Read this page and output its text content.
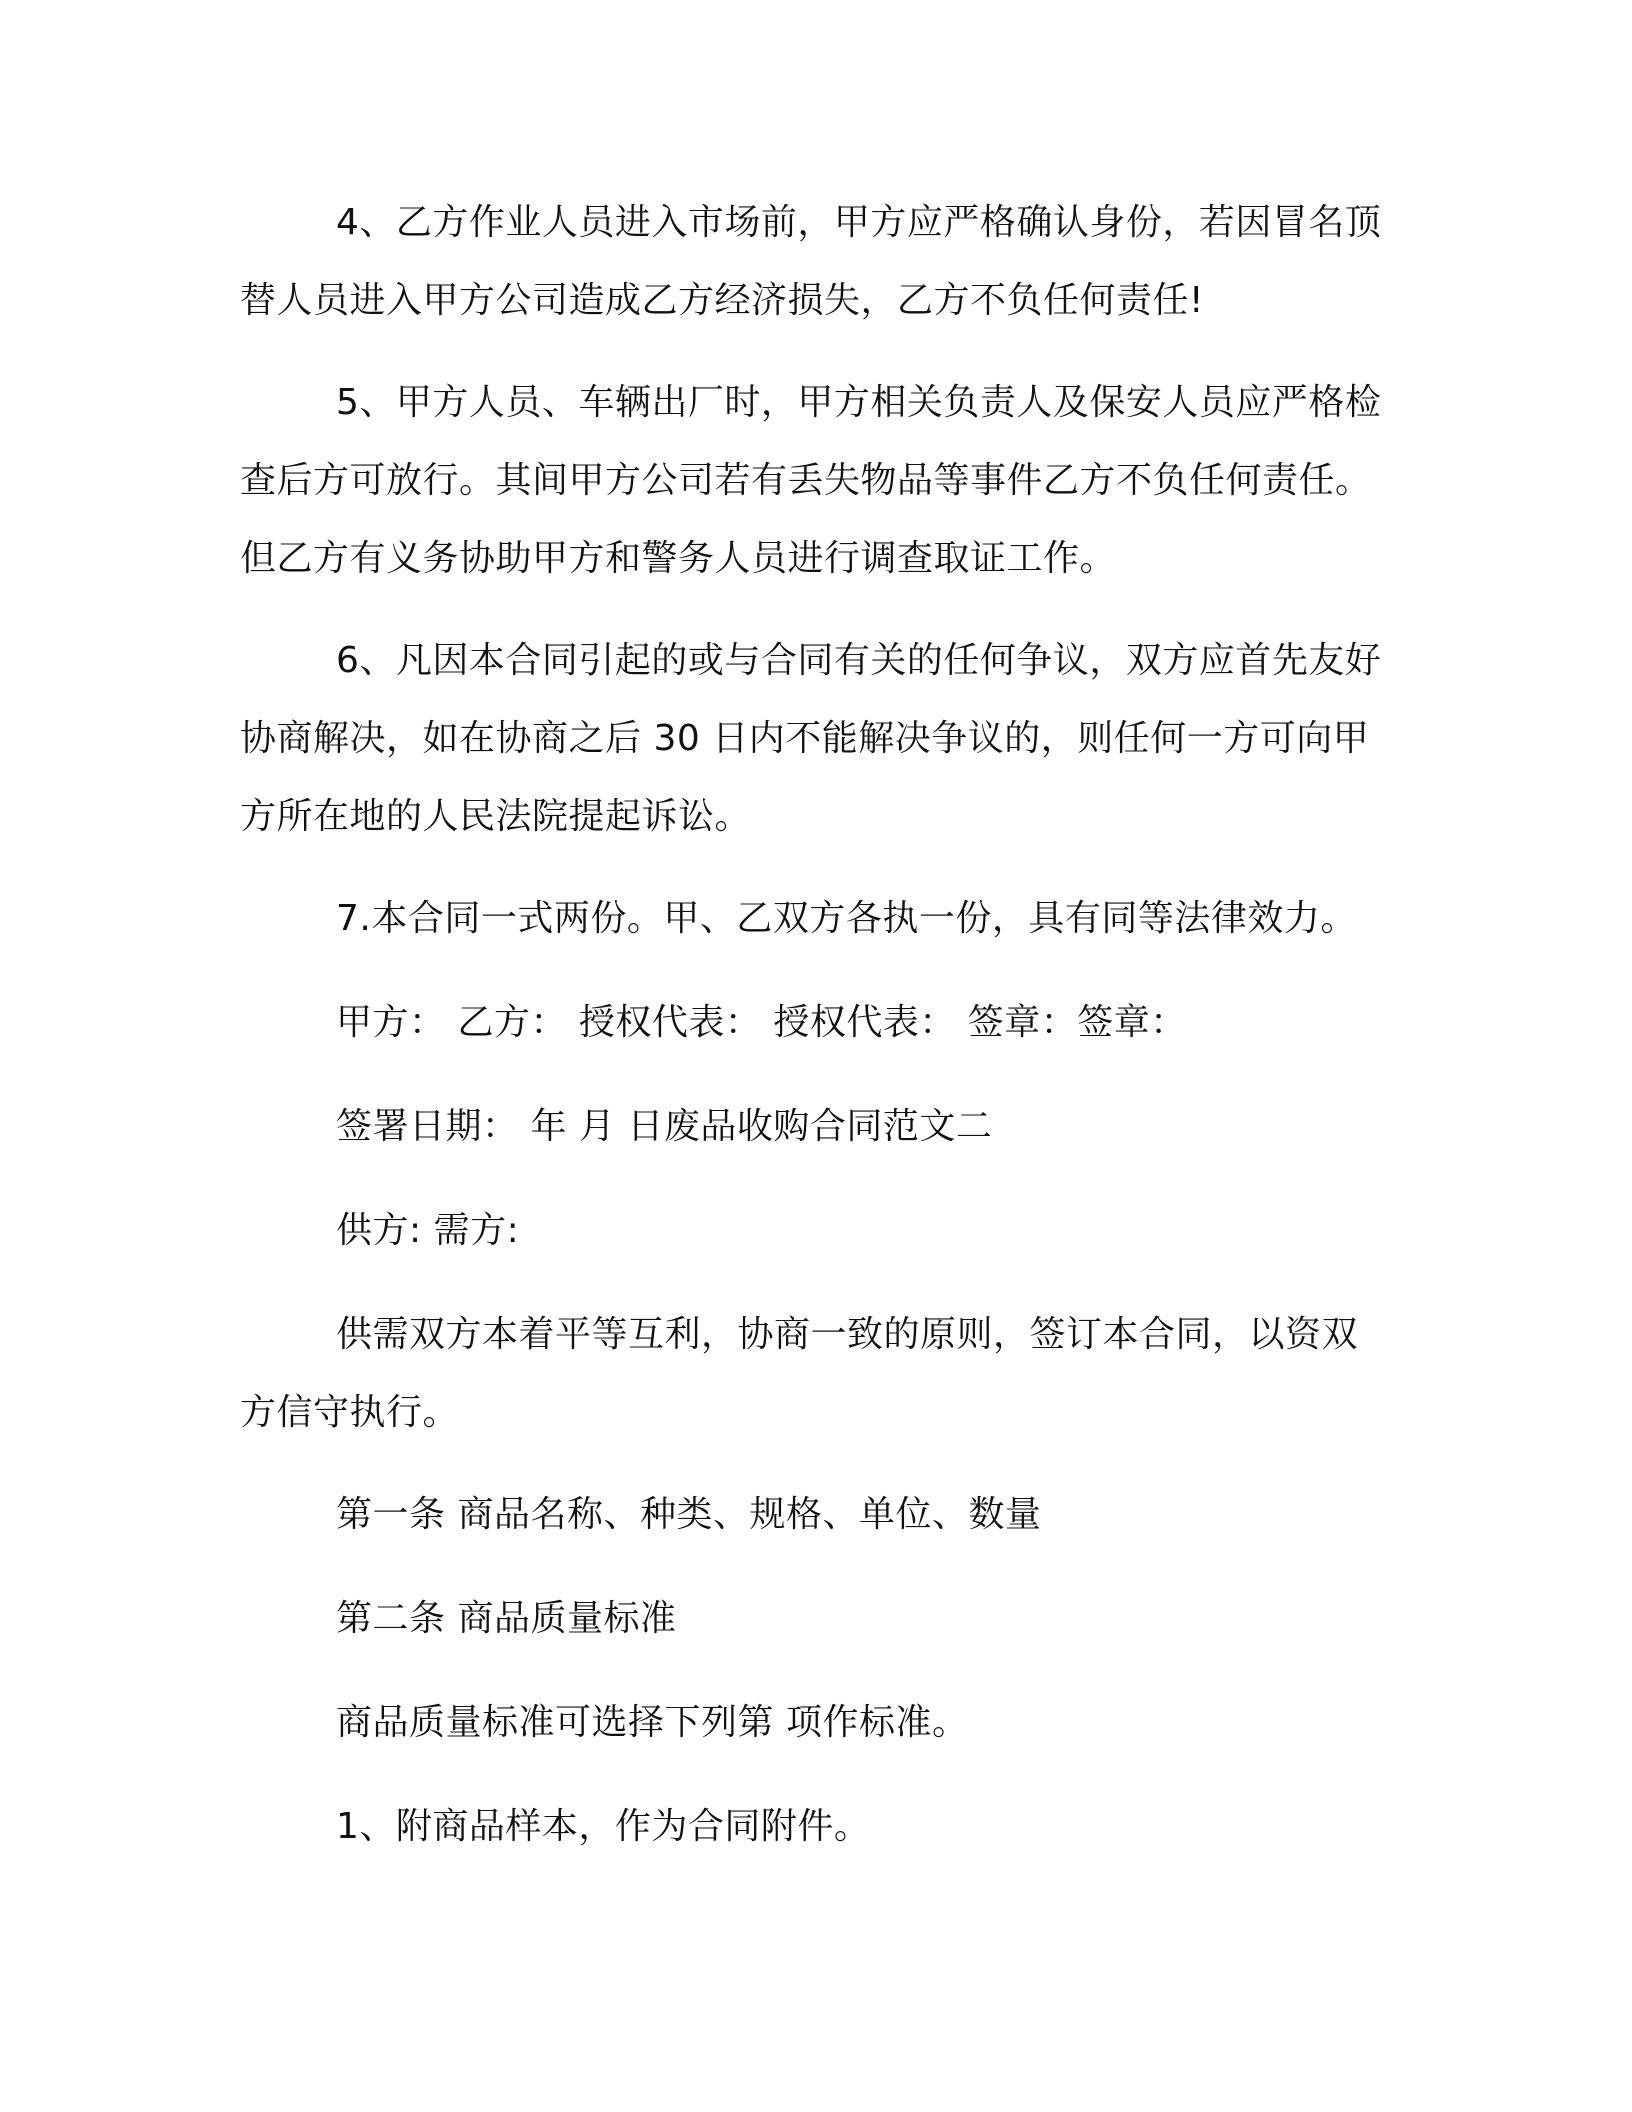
4、乙方作业人员进入市场前，甲方应严格确认身份，若因冒名顶替人员进入甲方公司造成乙方经济损失，乙方不负任何责任!

5、甲方人员、车辆出厂时，甲方相关负责人及保安人员应严格检查后方可放行。其间甲方公司若有丢失物品等事件乙方不负任何责任。但乙方有义务协助甲方和警务人员进行调查取证工作。

6、凡因本合同引起的或与合同有关的任何争议，双方应首先友好协商解决，如在协商之后 30 日内不能解决争议的，则任何一方可向甲方所在地的人民法院提起诉讼。

7.本合同一式两份。甲、乙双方各执一份，具有同等法律效力。

甲方： 乙方： 授权代表： 授权代表： 签章：签章：

签署日期： 年 月 日废品收购合同范文二

供方: 需方:

供需双方本着平等互利，协商一致的原则，签订本合同，以资双方信守执行。

第一条 商品名称、种类、规格、单位、数量

第二条 商品质量标准

商品质量标准可选择下列第 项作标准。

1、附商品样本，作为合同附件。
